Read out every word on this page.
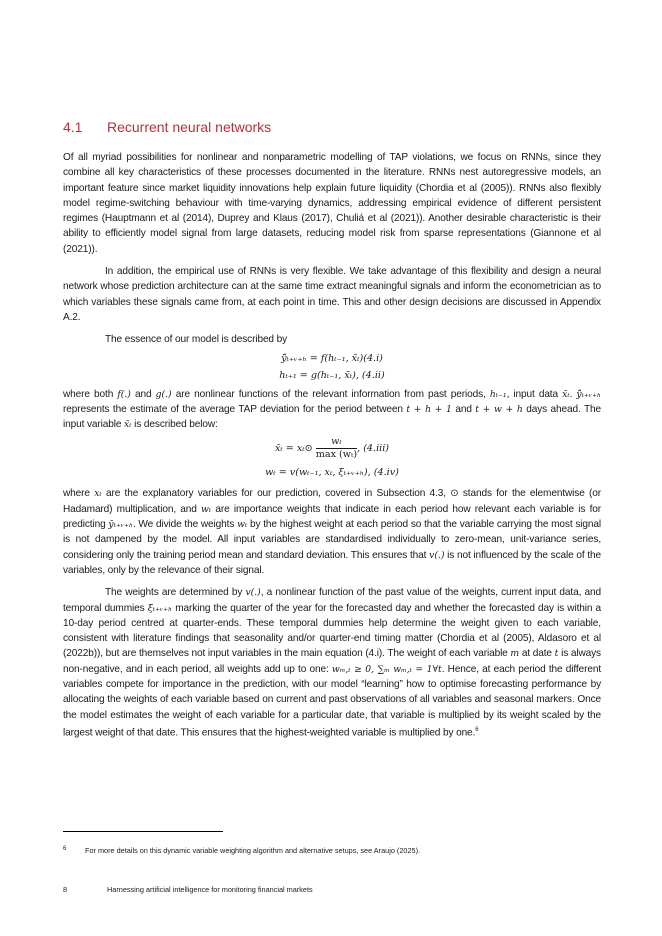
4.1 Recurrent neural networks

Of all myriad possibilities for nonlinear and nonparametric modelling of TAP violations, we focus on RNNs, since they combine all key characteristics of these processes documented in the literature. RNNs nest autoregressive models, an important feature since market liquidity innovations help explain future liquidity (Chordia et al (2005)). RNNs also flexibly model regime-switching behaviour with time-varying dynamics, addressing empirical evidence of different persistent regimes (Hauptmann et al (2014), Duprey and Klaus (2017), Chuliá et al (2021)). Another desirable characteristic is their ability to efficiently model signal from large datasets, reducing model risk from sparse representations (Giannone et al (2021)).

In addition, the empirical use of RNNs is very flexible. We take advantage of this flexibility and design a neural network whose prediction architecture can at the same time extract meaningful signals and inform the econometrician as to which variables these signals came from, at each point in time. This and other design decisions are discussed in Appendix A.2.

The essence of our model is described by

ŷ̄ₜ₊ᵥ₊ₕ = f(hₜ₋₁, x̃ₜ)(4.i)
hₜ₊₁ = g(hₜ₋₁, x̃ₜ), (4.ii)

where both f(.) and g(.) are nonlinear functions of the relevant information from past periods, hₜ₋₁, input data x̃ₜ. ŷ̄ₜ₊ᵥ₊ₕ represents the estimate of the average TAP deviation for the period between t + h + 1 and t + w + h days ahead. The input variable x̃ₜ is described below:

x̃ₜ = xₜ⊙ $\frac{\text{wₜ}}{\text{max (wₜ)}}$ , (4.iii)
wₜ = v(wₜ₋₁, xₜ, ξₜ₊ᵥ₊ₕ), (4.iv)

where xₜ are the explanatory variables for our prediction, covered in Subsection 4.3, ⊙ stands for the elementwise (or Hadamard) multiplication, and wₜ are importance weights that indicate in each period how relevant each variable is for predicting ȳₜ₊ᵥ₊ₕ. We divide the weights wₜ by the highest weight at each period so that the variable carrying the most signal is not dampened by the model. All input variables are standardised individually to zero-mean, unit-variance series, considering only the training period mean and standard deviation. This ensures that v(.) is not influenced by the scale of the variables, only by the relevance of their signal.

The weights are determined by v(.), a nonlinear function of the past value of the weights, current input data, and temporal dummies ξₜ₊ᵥ₊ₕ marking the quarter of the year for the forecasted day and whether the forecasted day is within a 10-day period centred at quarter-ends. These temporal dummies help determine the weight given to each variable, consistent with literature findings that seasonality and/or quarter-end timing matter (Chordia et al (2005), Aldasoro et al (2022b)), but are themselves not input variables in the main equation (4.i). The weight of each variable m at date t is always non-negative, and in each period, all weights add up to one: wₘ,ₜ ≥ 0, ∑ₘ wₘ,ₜ = 1∀t. Hence, at each period the different variables compete for importance in the prediction, with our model “learning” how to optimise forecasting performance by allocating the weights of each variable based on current and past observations of all variables and seasonal markers. Once the model estimates the weight of each variable for a particular date, that variable is multiplied by its weight scaled by the largest weight of that date. This ensures that the highest-weighted variable is multiplied by one.$^6$

6	For more details on this dynamic variable weighting algorithm and alternative setups, see Araujo (2025).
8	Harnessing artificial intelligence for monitoring financial markets
